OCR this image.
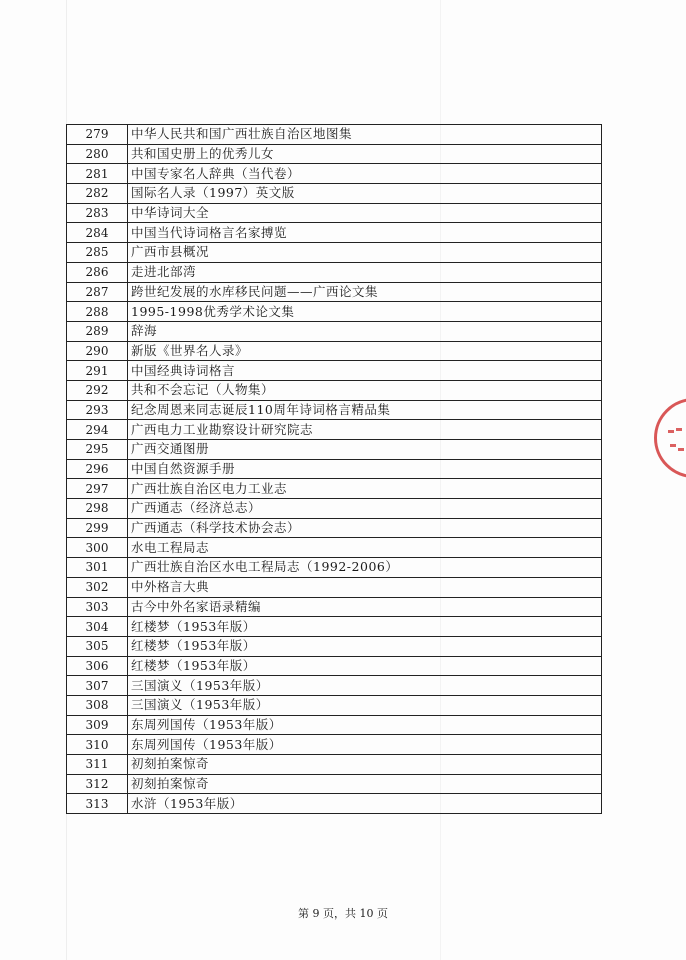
279	中华人民共和国广西壮族自治区地图集
280	共和国史册上的优秀儿女
281	中国专家名人辞典（当代卷）
282	国际名人录（1997）英文版
283	中华诗词大全
284	中国当代诗词格言名家搏览
285	广西市县概况
286	走进北部湾
287	跨世纪发展的水库移民问题——广西论文集
288	1995-1998优秀学术论文集
289	辞海
290	新版《世界名人录》
291	中国经典诗词格言
292	共和不会忘记（人物集）
293	纪念周恩来同志诞辰110周年诗词格言精品集
294	广西电力工业勘察设计研究院志
295	广西交通图册
296	中国自然资源手册
297	广西壮族自治区电力工业志
298	广西通志（经济总志）
299	广西通志（科学技术协会志）
300	水电工程局志
301	广西壮族自治区水电工程局志（1992-2006）
302	中外格言大典
303	古今中外名家语录精编
304	红楼梦（1953年版）
305	红楼梦（1953年版）
306	红楼梦（1953年版）
307	三国演义（1953年版）
308	三国演义（1953年版）
309	东周列国传（1953年版）
310	东周列国传（1953年版）
311	初刻拍案惊奇
312	初刻拍案惊奇
313	水浒（1953年版）
第 9 页，共 10 页
